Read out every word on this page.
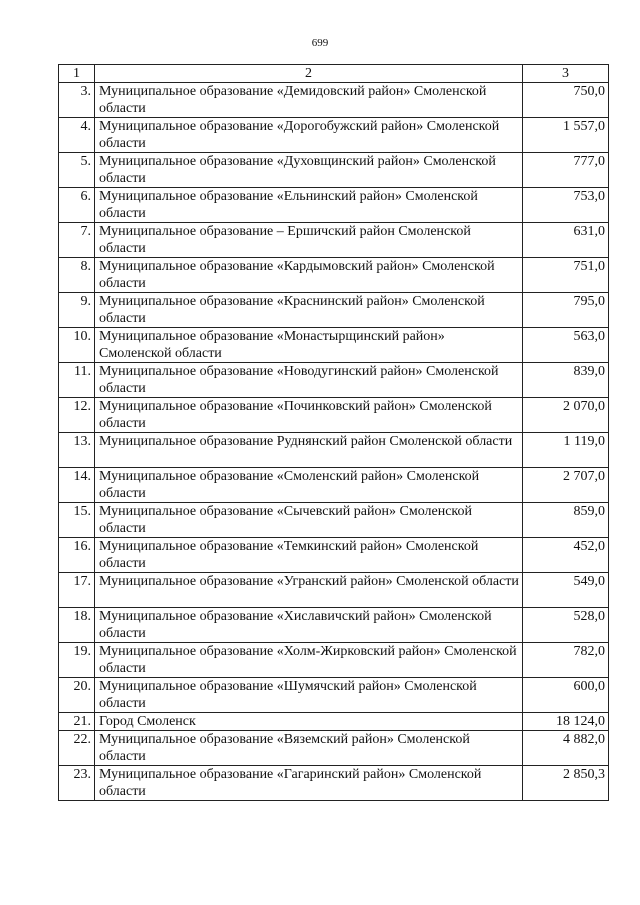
699
1	2	3
3.	Муниципальное образование «Демидовский район» Смоленской области	750,0
4.	Муниципальное образование «Дорогобужский район» Смоленской области	1 557,0
5.	Муниципальное образование «Духовщинский район» Смоленской области	777,0
6.	Муниципальное образование «Ельнинский район» Смоленской области	753,0
7.	Муниципальное образование – Ершичский район Смоленской области	631,0
8.	Муниципальное образование «Кардымовский район» Смоленской области	751,0
9.	Муниципальное образование «Краснинский район» Смоленской области	795,0
10.	Муниципальное образование «Монастырщинский район» Смоленской области	563,0
11.	Муниципальное образование «Новодугинский район» Смоленской области	839,0
12.	Муниципальное образование «Починковский район» Смоленской области	2 070,0
13.	Муниципальное образование Руднянский район Смоленской области	1 119,0
14.	Муниципальное образование «Смоленский район» Смоленской области	2 707,0
15.	Муниципальное образование «Сычевский район» Смоленской области	859,0
16.	Муниципальное образование «Темкинский район» Смоленской области	452,0
17.	Муниципальное образование «Угранский район» Смоленской области	549,0
18.	Муниципальное образование «Хиславичский район» Смоленской области	528,0
19.	Муниципальное образование «Холм-Жирковский район» Смоленской области	782,0
20.	Муниципальное образование «Шумячский район» Смоленской области	600,0
21.	Город Смоленск	18 124,0
22.	Муниципальное образование «Вяземский район» Смоленской области	4 882,0
23.	Муниципальное образование «Гагаринский район» Смоленской области	2 850,3
